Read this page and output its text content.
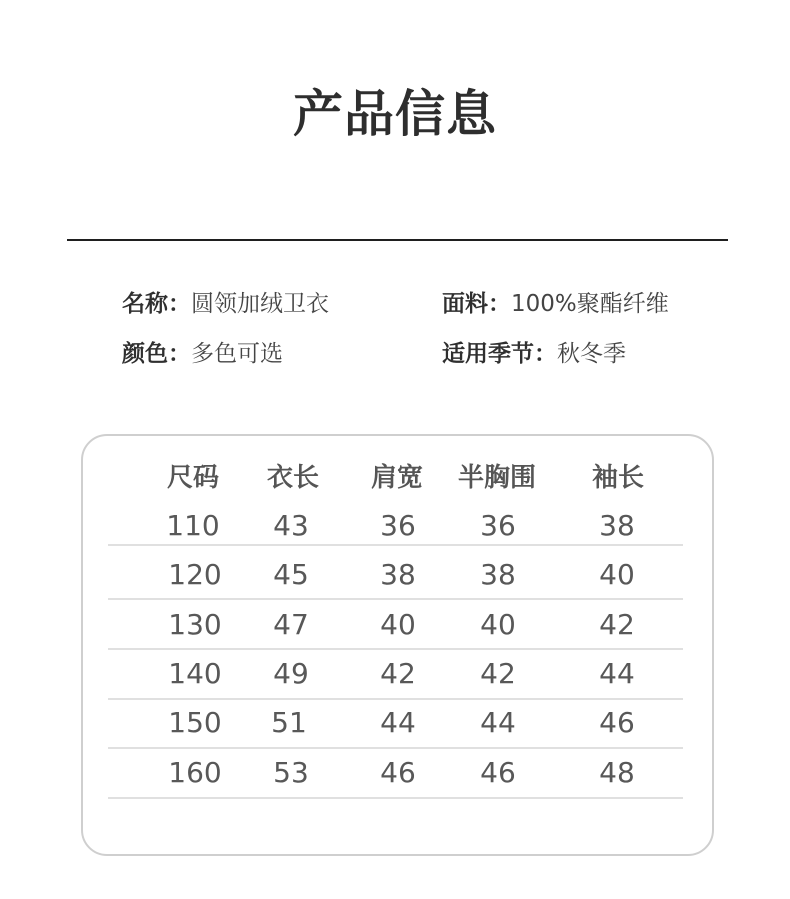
产品信息
名称：圆领加绒卫衣	面料：100%聚酯纤维
颜色：多色可选	适用季节：秋冬季
尺码 衣长 肩宽 半胸围 袖长
110 43	36 36	38
120 45	38 38	40
130 47	40 40	42
140 49	42 42	44
150 51	44 44	46
160 53	46 46	48
